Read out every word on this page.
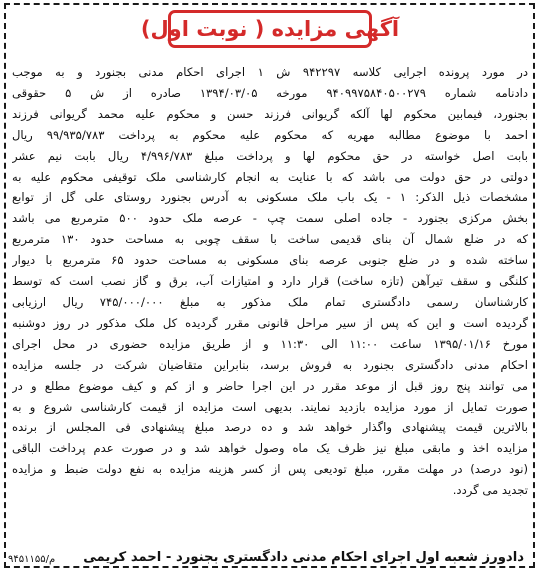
آگهی مزایده ( نوبت اول)
در مورد پرونده اجرایی کلاسه ۹۴۲۲۹۷ ش ۱ اجرای احکام مدنی بجنورد و به موجب
دادنامه شماره ۹۴۰۹۹۷۵۸۴۰۵۰۰۲۷۹ مورخه ۱۳۹۴/۰۳/۰۵ صادره از ش ۵ حقوقی
بجنورد، فیمابین محکوم لها آلکه گریوانی فرزند حسن و محکوم علیه محمد گریوانی فرزند
احمد با موضوع مطالبه مهریه که محکوم علیه محکوم به پرداخت ۹۹/۹۳۵/۷۸۳ ریال
بابت اصل خواسته در حق محکوم لها و پرداخت مبلغ ۴/۹۹۶/۷۸۳ ریال بابت نیم عشر
دولتی در حق دولت می باشد که با عنایت به انجام کارشناسی ملک توقیفی محکوم علیه به
مشخصات ذیل الذکر: ۱ - یک باب ملک مسکونی به آدرس بجنورد روستای علی گل از توابع
بخش مرکزی بجنورد - جاده اصلی سمت چپ - عرصه ملک حدود ۵۰۰ مترمربع می باشد
که در ضلع شمال آن بنای قدیمی ساخت با سقف چوبی به مساحت حدود ۱۳۰ مترمربع
ساخته شده و در ضلع جنوبی عرصه بنای مسکونی به مساحت حدود ۶۵ مترمربع با دیوار
کلنگی و سقف تیرآهن (تازه ساخت) قرار دارد و امتیازات آب، برق و گاز نصب است که توسط
کارشناسان رسمی دادگستری تمام ملک مذکور به مبلغ ۷۴۵/۰۰۰/۰۰۰ ریال ارزیابی
گردیده است و این که پس از سیر مراحل قانونی مقرر گردیده کل ملک مذکور در روز دوشنبه
مورخ ۱۳۹۵/۰۱/۱۶ ساعت ۱۱:۰۰ الی ۱۱:۳۰ و از طریق مزایده حضوری در محل اجرای
احکام مدنی دادگستری بجنورد به فروش برسد، بنابراین متقاضیان شرکت در جلسه مزایده
می توانند پنج روز قبل از موعد مقرر در این اجرا حاضر و از کم و کیف موضوع مطلع و در
صورت تمایل از مورد مزایده بازدید نمایند. بدیهی است مزایده از قیمت کارشناسی شروع و به
بالاترین قیمت پیشنهادی واگذار خواهد شد و ده درصد مبلغ پیشنهادی فی المجلس از برنده
مزایده اخذ و مابقی مبلغ نیز ظرف یک ماه وصول خواهد شد و در صورت عدم پرداخت الباقی
(نود درصد) در مهلت مقرر، مبلغ تودیعی پس از کسر هزینه مزایده به نفع دولت ضبط و مزایده
تجدید می گردد.
دادورز شعبه اول اجرای احکام مدنی دادگستری بجنورد - احمد کریمی
م/۹۴۵۱۱۵۵
